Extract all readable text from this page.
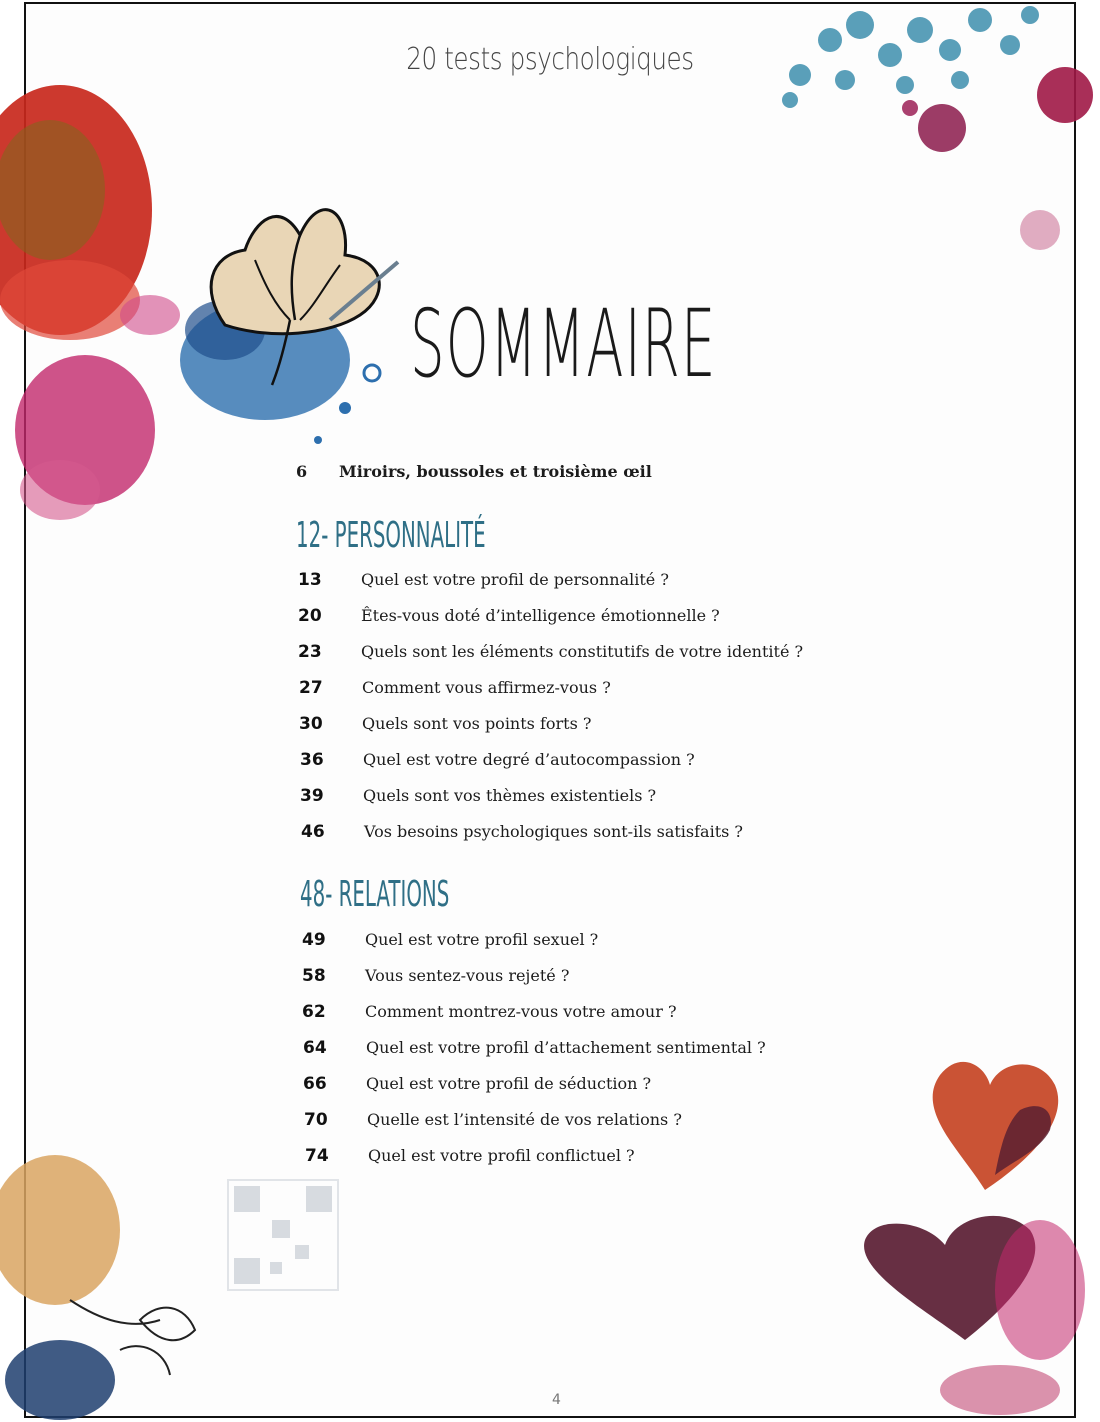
20 tests psychologiques
SOMMAIRE
6	Miroirs, boussoles et troisième œil
12- PERSONNALITÉ
13	Quel est votre profil de personnalité ?
20	Êtes-vous doté d’intelligence émotionnelle ?
23	Quels sont les éléments constitutifs de votre identité ?
27	Comment vous affirmez-vous ?
30	Quels sont vos points forts ?
36	Quel est votre degré d’autocompassion ?
39	Quels sont vos thèmes existentiels ?
46	Vos besoins psychologiques sont-ils satisfaits ?
48- RELATIONS
49	Quel est votre profil sexuel ?
58	Vous sentez-vous rejeté ?
62	Comment montrez-vous votre amour ?
64	Quel est votre profil d’attachement sentimental ?
66	Quel est votre profil de séduction ?
70	Quelle est l’intensité de vos relations ?
74	Quel est votre profil conflictuel ?
4
